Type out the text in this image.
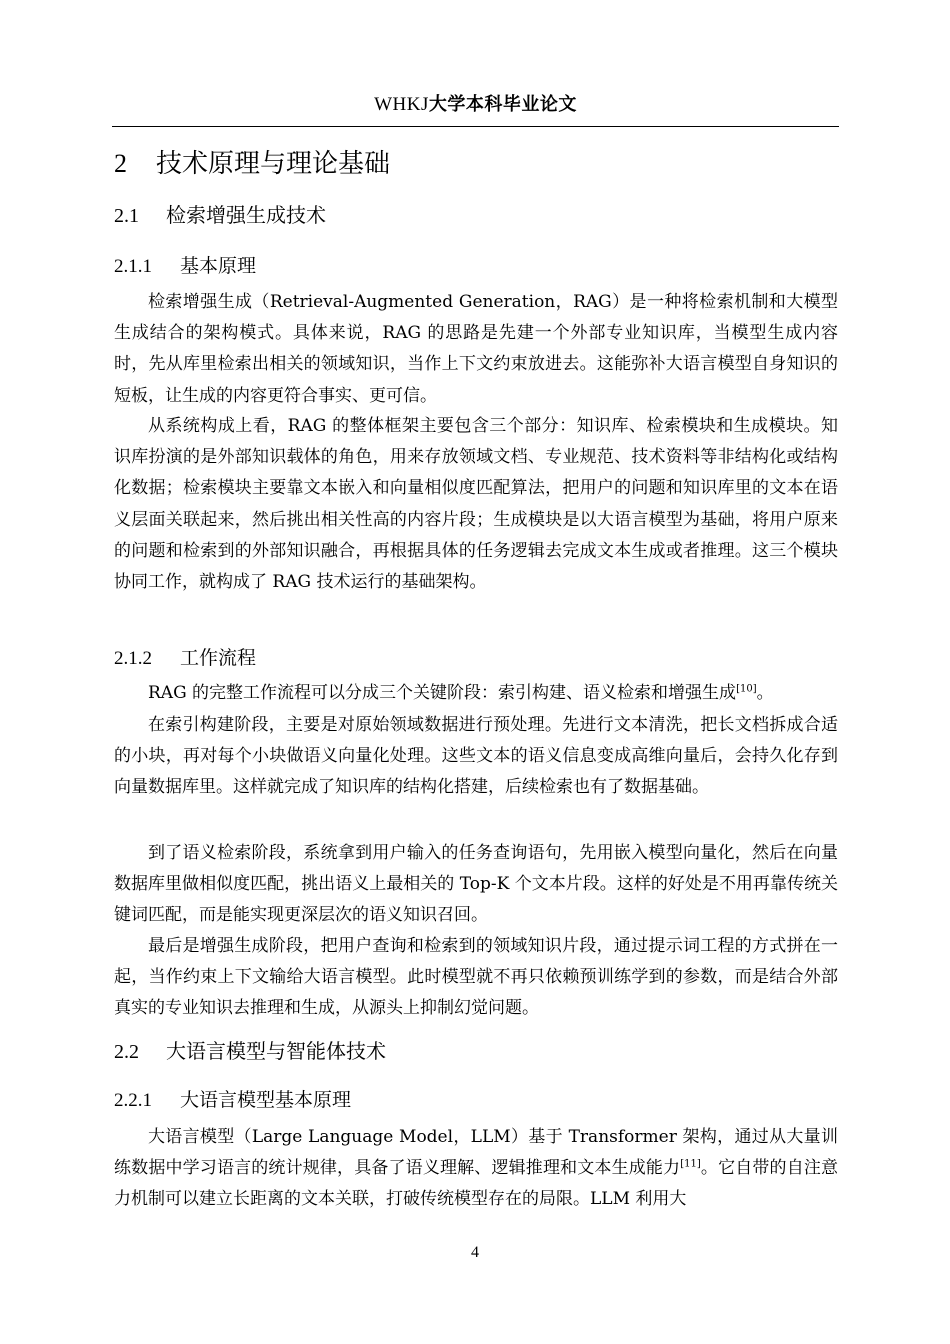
WHKJ大学本科毕业论文
2 技术原理与理论基础
2.1 检索增强生成技术
2.1.1 基本原理

检索增强生成（Retrieval-Augmented Generation，RAG）是一种将检索机制和大模型生成结合的架构模式。具体来说，RAG 的思路是先建一个外部专业知识库，当模型生成内容时，先从库里检索出相关的领域知识，当作上下文约束放进去。这能弥补大语言模型自身知识的短板，让生成的内容更符合事实、更可信。

从系统构成上看，RAG 的整体框架主要包含三个部分：知识库、检索模块和生成模块。知识库扮演的是外部知识载体的角色，用来存放领域文档、专业规范、技术资料等非结构化或结构化数据；检索模块主要靠文本嵌入和向量相似度匹配算法，把用户的问题和知识库里的文本在语义层面关联起来，然后挑出相关性高的内容片段；生成模块是以大语言模型为基础，将用户原来的问题和检索到的外部知识融合，再根据具体的任务逻辑去完成文本生成或者推理。这三个模块协同工作，就构成了 RAG 技术运行的基础架构。

2.1.2 工作流程

RAG 的完整工作流程可以分成三个关键阶段：索引构建、语义检索和增强生成[10]。

在索引构建阶段，主要是对原始领域数据进行预处理。先进行文本清洗，把长文档拆成合适的小块，再对每个小块做语义向量化处理。这些文本的语义信息变成高维向量后，会持久化存到向量数据库里。这样就完成了知识库的结构化搭建，后续检索也有了数据基础。

到了语义检索阶段，系统拿到用户输入的任务查询语句，先用嵌入模型向量化，然后在向量数据库里做相似度匹配，挑出语义上最相关的 Top-K 个文本片段。这样的好处是不用再靠传统关键词匹配，而是能实现更深层次的语义知识召回。

最后是增强生成阶段，把用户查询和检索到的领域知识片段，通过提示词工程的方式拼在一起，当作约束上下文输给大语言模型。此时模型就不再只依赖预训练学到的参数，而是结合外部真实的专业知识去推理和生成，从源头上抑制幻觉问题。

2.2 大语言模型与智能体技术
2.2.1 大语言模型基本原理

大语言模型（Large Language Model，LLM）基于 Transformer 架构，通过从大量训练数据中学习语言的统计规律，具备了语义理解、逻辑推理和文本生成能力[11]。它自带的自注意力机制可以建立长距离的文本关联，打破传统模型存在的局限。LLM 利用大

4
